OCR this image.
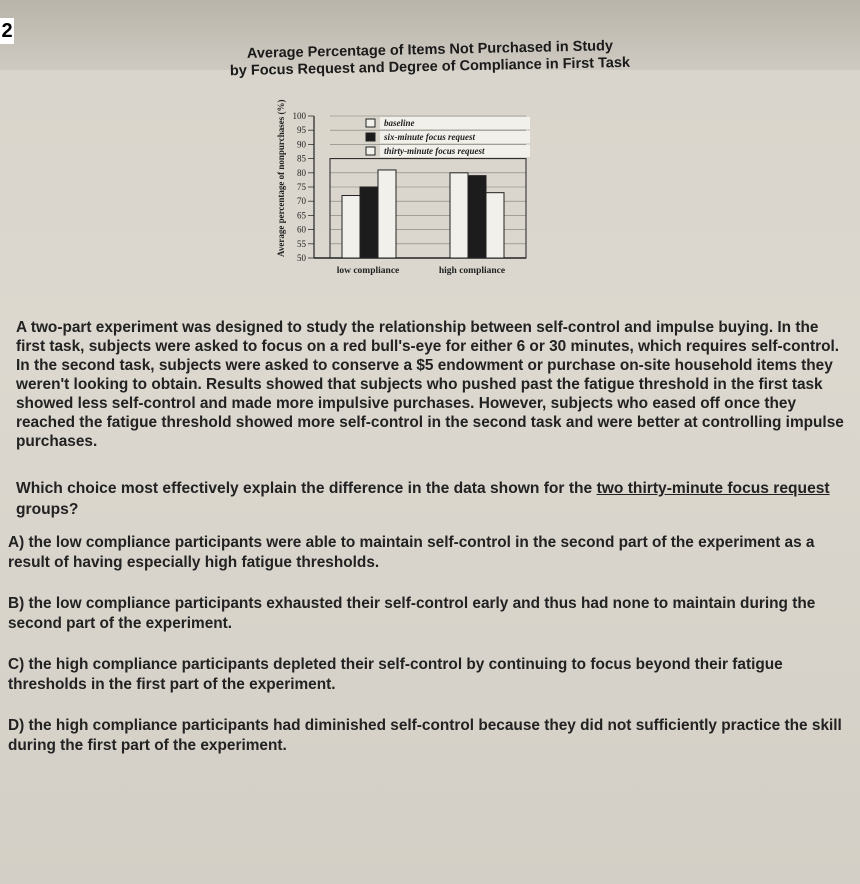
2
Average Percentage of Items Not Purchased in Study
by Focus Request and Degree of Compliance in First Task
Average percentage of nonpurchases (%) 100
95
90
85
80
75
70
65
60
55
50
low compliance	high compliance
baseline
six-minute focus request
thirty-minute focus request
A two-part experiment was designed to study the relationship between self-control and impulse buying. In the first task, subjects were asked to focus on a red bull's-eye for either 6 or 30 minutes, which requires self-control. In the second task, subjects were asked to conserve a $5 endowment or purchase on-site household items they weren't looking to obtain. Results showed that subjects who pushed past the fatigue threshold in the first task showed less self-control and made more impulsive purchases. However, subjects who eased off once they reached the fatigue threshold showed more self-control in the second task and were better at controlling impulse purchases.
Which choice most effectively explain the difference in the data shown for the two thirty-minute focus request groups?
A) the low compliance participants were able to maintain self-control in the second part of the experiment as a result of having especially high fatigue thresholds.
B) the low compliance participants exhausted their self-control early and thus had none to maintain during the second part of the experiment.
C) the high compliance participants depleted their self-control by continuing to focus beyond their fatigue thresholds in the first part of the experiment.
D) the high compliance participants had diminished self-control because they did not sufficiently practice the skill during the first part of the experiment.
